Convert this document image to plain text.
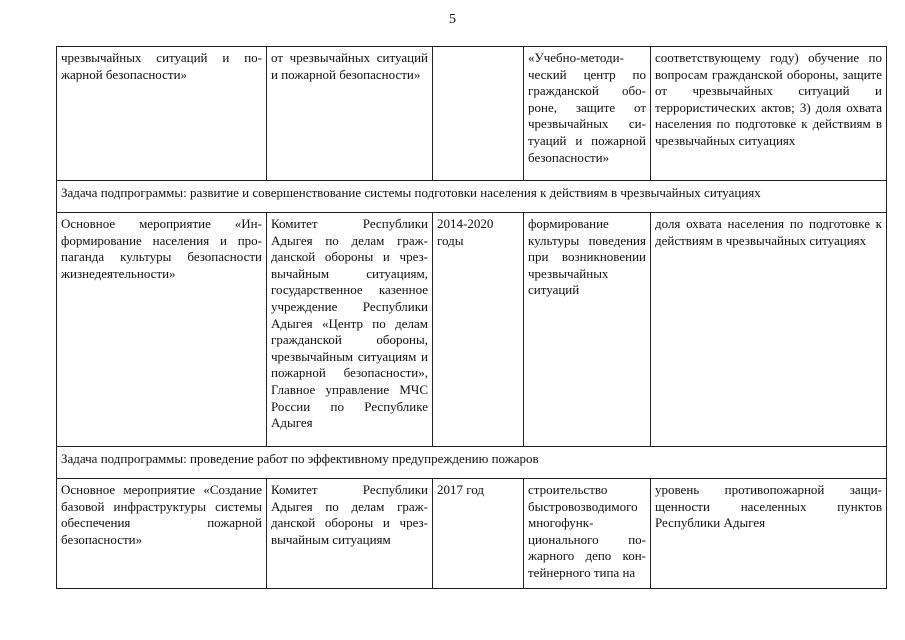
5
чрезвычайных ситуаций и пожарной безопасности»	от чрезвычайных ситуаций и пожарной безопасности»		«Учебно-методический центр по гражданской обороне, защите от чрезвычайных ситуаций и пожарной безопасности»	соответствующему году) обучение по вопросам гражданской обороны, защите от чрезвычайных ситуаций и террористических актов; 3) доля охвата населения по подготовке к действиям в чрезвычайных ситуациях
Задача подпрограммы: развитие и совершенствование системы подготовки населения к действиям в чрезвычайных ситуациях				
Основное мероприятие «Информирование населения и пропаганда культуры безопасности жизнедеятельности»	Комитет Республики Адыгея по делам гражданской обороны и чрезвычайным ситуациям, государственное казенное учреждение Республики Адыгея «Центр по делам гражданской обороны, чрезвычайным ситуациям и пожарной безопасности», Главное управление МЧС России по Республике Адыгея	2014-2020 годы	формирование культуры поведения при возникновении чрезвычайных ситуаций	доля охвата населения по подготовке к действиям в чрезвычайных ситуациях
Задача подпрограммы: проведение работ по эффективному предупреждению пожаров				
Основное мероприятие «Создание базовой инфраструктуры системы обеспечения пожарной безопасности»	Комитет Республики Адыгея по делам гражданской обороны и чрезвычайным ситуациям	2017 год	строительство быстровозводимого многофункционального пожарного депо контейнерного типа на	уровень противопожарной защищенности населенных пунктов Республики Адыгея
